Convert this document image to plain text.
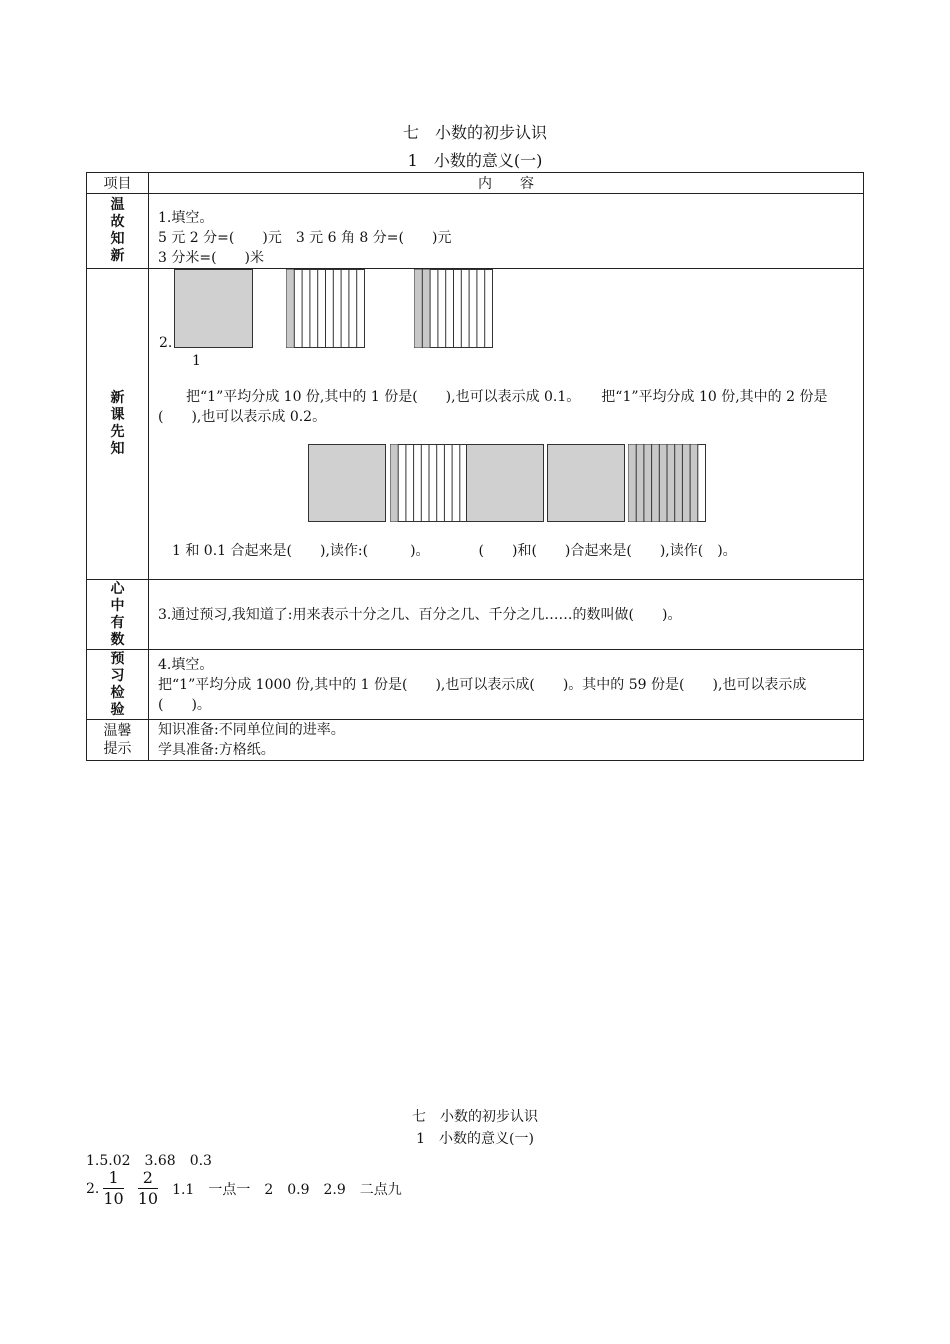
七　小数的初步认识
1　小数的意义(一)
项目	内　　容
温故知新	1.填空。
5 元 2 分=(　　)元　3 元 6 角 8 分=(　　)元
3 分米=(　　)米

新课先知	2.
1
　　把“1”平均分成 10 份,其中的 1 份是(　　),也可以表示成 0.1。　　把“1”平均分成 10 份,其中的 2 份是(　　),也可以表示成 0.2。
　1 和 0.1 合起来是(　　),读作:(　　　)。　　　　(　　)和(　　)合起来是(　　),读作(　)。

心中有数	3.通过预习,我知道了:用来表示十分之几、百分之几、千分之几……的数叫做(　　)。
预习检验	4.填空。
把“1”平均分成 1000 份,其中的 1 份是(　　),也可以表示成(　　)。其中的 59 份是(　　),也可以表示成(　　)。

温馨提示	知识准备:不同单位间的进率。
学具准备:方格纸。
七　小数的初步认识
1　小数的意义(一)
1.5.02　3.68　0.3
2. $\frac{1}{10} \frac{2}{10} 1.1$　一点一　2　0.9　2.9　二点九
